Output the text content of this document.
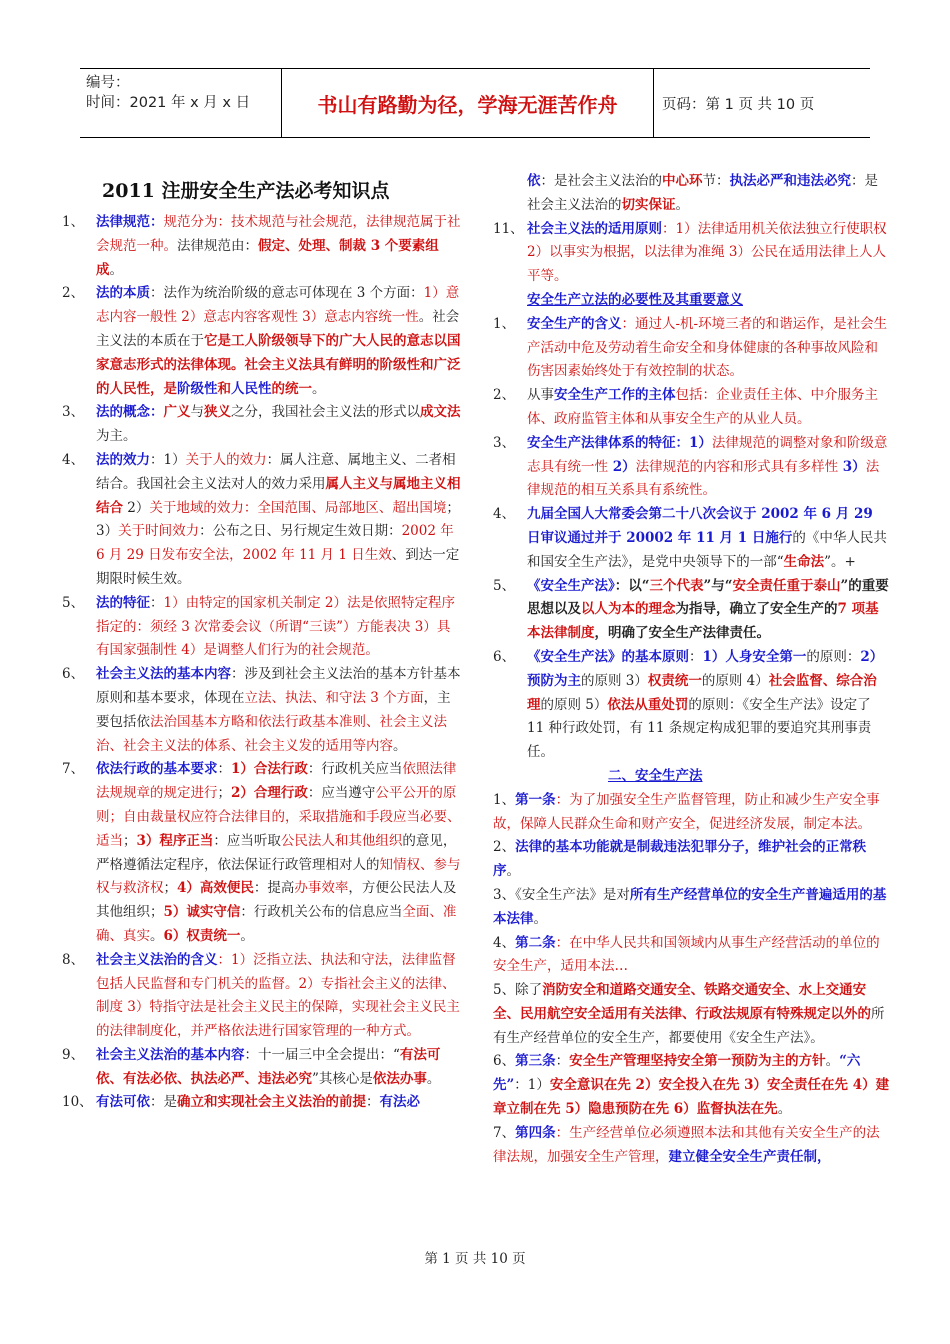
编号：
时间：2021 年 x 月 x 日	书山有路勤为径，学海无涯苦作舟	页码：第 1 页 共 10 页
2011 注册安全生产法必考知识点
1、 法律规范：规范分为：技术规范与社会规范，法律规范属于社会规范一种。法律规范由：假定、处理、制裁 3 个要素组成。
2、 法的本质：法作为统治阶级的意志可体现在 3 个方面：1）意志内容一般性 2）意志内容客观性 3）意志内容统一性。社会主义法的本质在于它是工人阶级领导下的广大人民的意志以国家意志形式的法律体现。社会主义法具有鲜明的阶级性和广泛的人民性，是阶级性和人民性的统一。
3、 法的概念：广义与狭义之分，我国社会主义法的形式以成文法为主。
4、 法的效力：1）关于人的效力：属人注意、属地主义、二者相结合。我国社会主义法对人的效力采用属人主义与属地主义相结合 2）关于地域的效力：全国范围、局部地区、超出国境；3）关于时间效力：公布之日、另行规定生效日期：2002 年 6 月 29 日发布安全法，2002 年 11 月 1 日生效、到达一定期限时候生效。
5、 法的特征：1）由特定的国家机关制定 2）法是依照特定程序指定的：须经 3 次常委会议（所谓“三读”）方能表决 3）具有国家强制性 4）是调整人们行为的社会规范。
6、 社会主义法的基本内容：涉及到社会主义法治的基本方针基本原则和基本要求，体现在立法、执法、和守法 3 个方面，主要包括依法治国基本方略和依法行政基本准则、社会主义法治、社会主义法的体系、社会主义发的适用等内容。
7、 依法行政的基本要求：1）合法行政：行政机关应当依照法律法规规章的规定进行；2）合理行政：应当遵守公平公开的原则；自由裁量权应符合法律目的，采取措施和手段应当必要、适当；3）程序正当：应当听取公民法人和其他组织的意见，严格遵循法定程序，依法保证行政管理相对人的知情权、参与权与救济权；4）高效便民：提高办事效率，方便公民法人及其他组织；5）诚实守信：行政机关公布的信息应当全面、准确、真实。6）权责统一。
8、 社会主义法治的含义：1）泛指立法、执法和守法，法律监督包括人民监督和专门机关的监督。2）专指社会主义的法律、制度 3）特指守法是社会主义民主的保障，实现社会主义民主的法律制度化，并严格依法进行国家管理的一种方式。
9、 社会主义法治的基本内容：十一届三中全会提出：“有法可依、有法必依、执法必严、违法必究”其核心是依法办事。
10、 有法可依：是确立和实现社会主义法治的前提：有法必
依：是社会主义法治的中心环节：执法必严和违法必究：是社会主义法治的切实保证。
11、 社会主义法的适用原则：1）法律适用机关依法独立行使职权 2）以事实为根据，以法律为准绳 3）公民在适用法律上人人平等。
安全生产立法的必要性及其重要意义
1、 安全生产的含义：通过人-机-环境三者的和谐运作，是社会生产活动中危及劳动着生命安全和身体健康的各种事故风险和伤害因素始终处于有效控制的状态。
2、 从事安全生产工作的主体包括：企业责任主体、中介服务主体、政府监管主体和从事安全生产的从业人员。
3、 安全生产法律体系的特征：1）法律规范的调整对象和阶级意志具有统一性 2）法律规范的内容和形式具有多样性 3）法律规范的相互关系具有系统性。
4、 九届全国人大常委会第二十八次会议于 2002 年 6 月 29 日审议通过并于 20002 年 11 月 1 日施行的《中华人民共和国安全生产法》，是党中央领导下的一部“生命法”。+
5、 《安全生产法》：以“三个代表”与“安全责任重于泰山”的重要思想以及以人为本的理念为指导，确立了安全生产的7 项基本法律制度，明确了安全生产法律责任。
6、 《安全生产法》的基本原则：1）人身安全第一的原则：2）预防为主的原则 3）权责统一的原则 4）社会监督、综合治理的原则 5）依法从重处罚的原则：《安全生产法》设定了 11 种行政处罚，有 11 条规定构成犯罪的要追究其刑事责任。
二、安全生产法
1、第一条：为了加强安全生产监督管理，防止和减少生产安全事故，保障人民群众生命和财产安全，促进经济发展，制定本法。
2、法律的基本功能就是制裁违法犯罪分子，维护社会的正常秩序。
3、《安全生产法》是对所有生产经营单位的安全生产普遍适用的基本法律。
4、第二条：在中华人民共和国领域内从事生产经营活动的单位的安全生产，适用本法…
5、除了消防安全和道路交通安全、铁路交通安全、水上交通安全、民用航空安全适用有关法律、行政法规原有特殊规定以外的所有生产经营单位的安全生产，都要使用《安全生产法》。
6、第三条：安全生产管理坚持安全第一预防为主的方针。“六先”：1）安全意识在先 2）安全投入在先 3）安全责任在先 4）建章立制在先 5）隐患预防在先 6）监督执法在先。
7、第四条：生产经营单位必须遵照本法和其他有关安全生产的法律法规，加强安全生产管理，建立健全安全生产责任制，
第 1 页 共 10 页
